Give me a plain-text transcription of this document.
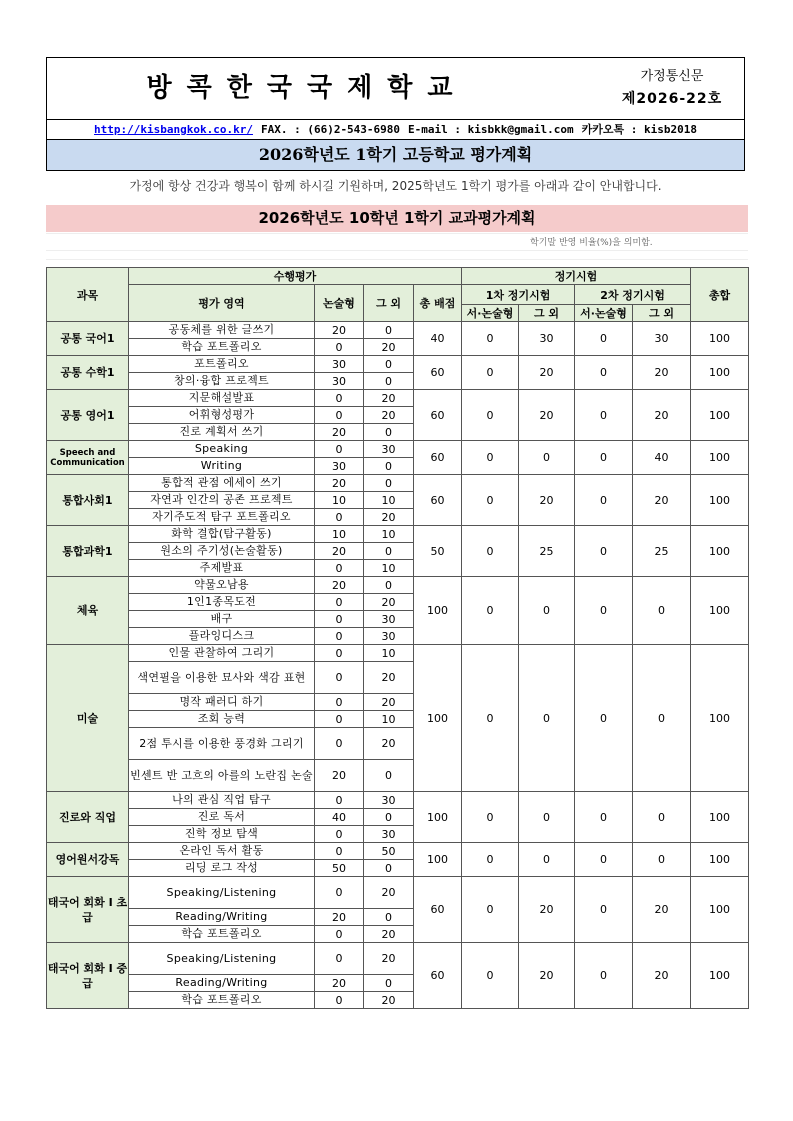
방콕한국국제학교	가정통신문
제2026-22호
http://kisbangkok.co.kr/ FAX. : (66)2-543-6980 E-mail : kisbkk@gmail.com 카카오톡 : kisb2018
2026학년도 1학기 고등학교 평가계획
가정에 항상 건강과 행복이 함께 하시길 기원하며, 2025학년도 1학기 평가를 아래과 같이 안내합니다.
2026학년도 10학년 1학기 교과평가계획
학기말 반영 비율(%)을 의미함.
과목	수행평가				정기시험				총합
	평가 영역	논술형	그 외	총 배점	1차 정기시험		2차 정기시험		
					서·논술형	그 외	서·논술형	그 외	
공통 국어1	공동체를 위한 글쓰기	20	0	40	0	30	0	30	100
	학습 포트폴리오	0	20						
공통 수학1	포트폴리오	30	0	60	0	20	0	20	100
	창의·융합 프로젝트	30	0						
공통 영어1	지문해설발표	0	20	60	0	20	0	20	100
	어휘형성평가	0	20						
	진로 계획서 쓰기	20	0						
Speech and Communication	Speaking	0	30	60	0	0	0	40	100
	Writing	30	0						
통합사회1	통합적 관점 에세이 쓰기	20	0	60	0	20	0	20	100
	자연과 인간의 공존 프로젝트	10	10						
	자기주도적 탐구 포트폴리오	0	20						
통합과학1	화학 결합(탐구활동)	10	10	50	0	25	0	25	100
	원소의 주기성(논술활동)	20	0						
	주제발표	0	10						
체육	약물오남용	20	0	100	0	0	0	0	100
	1인1종목도전	0	20						
	배구	0	30						
	플라잉디스크	0	30						
미술	인물 관찰하여 그리기	0	10	100	0	0	0	0	100
	색연필을 이용한 묘사와 색감 표현	0	20						
	명작 패러디 하기	0	20						
	조회 능력	0	10						
	2점 투시를 이용한 풍경화 그리기	0	20						
	빈센트 반 고흐의 아를의 노란집 논술	20	0						
진로와 직업	나의 관심 직업 탐구	0	30	100	0	0	0	0	100
	진로 독서	40	0						
	진학 정보 탐색	0	30						
영어원서강독	온라인 독서 활동	0	50	100	0	0	0	0	100
	리딩 로그 작성	50	0						
태국어 회화 Ⅰ 초급	Speaking/Listening	0	20	60	0	20	0	20	100
	Reading/Writing	20	0						
	학습 포트폴리오	0	20						
태국어 회화 Ⅰ 중급	Speaking/Listening	0	20	60	0	20	0	20	100
	Reading/Writing	20	0						
	학습 포트폴리오	0	20						
